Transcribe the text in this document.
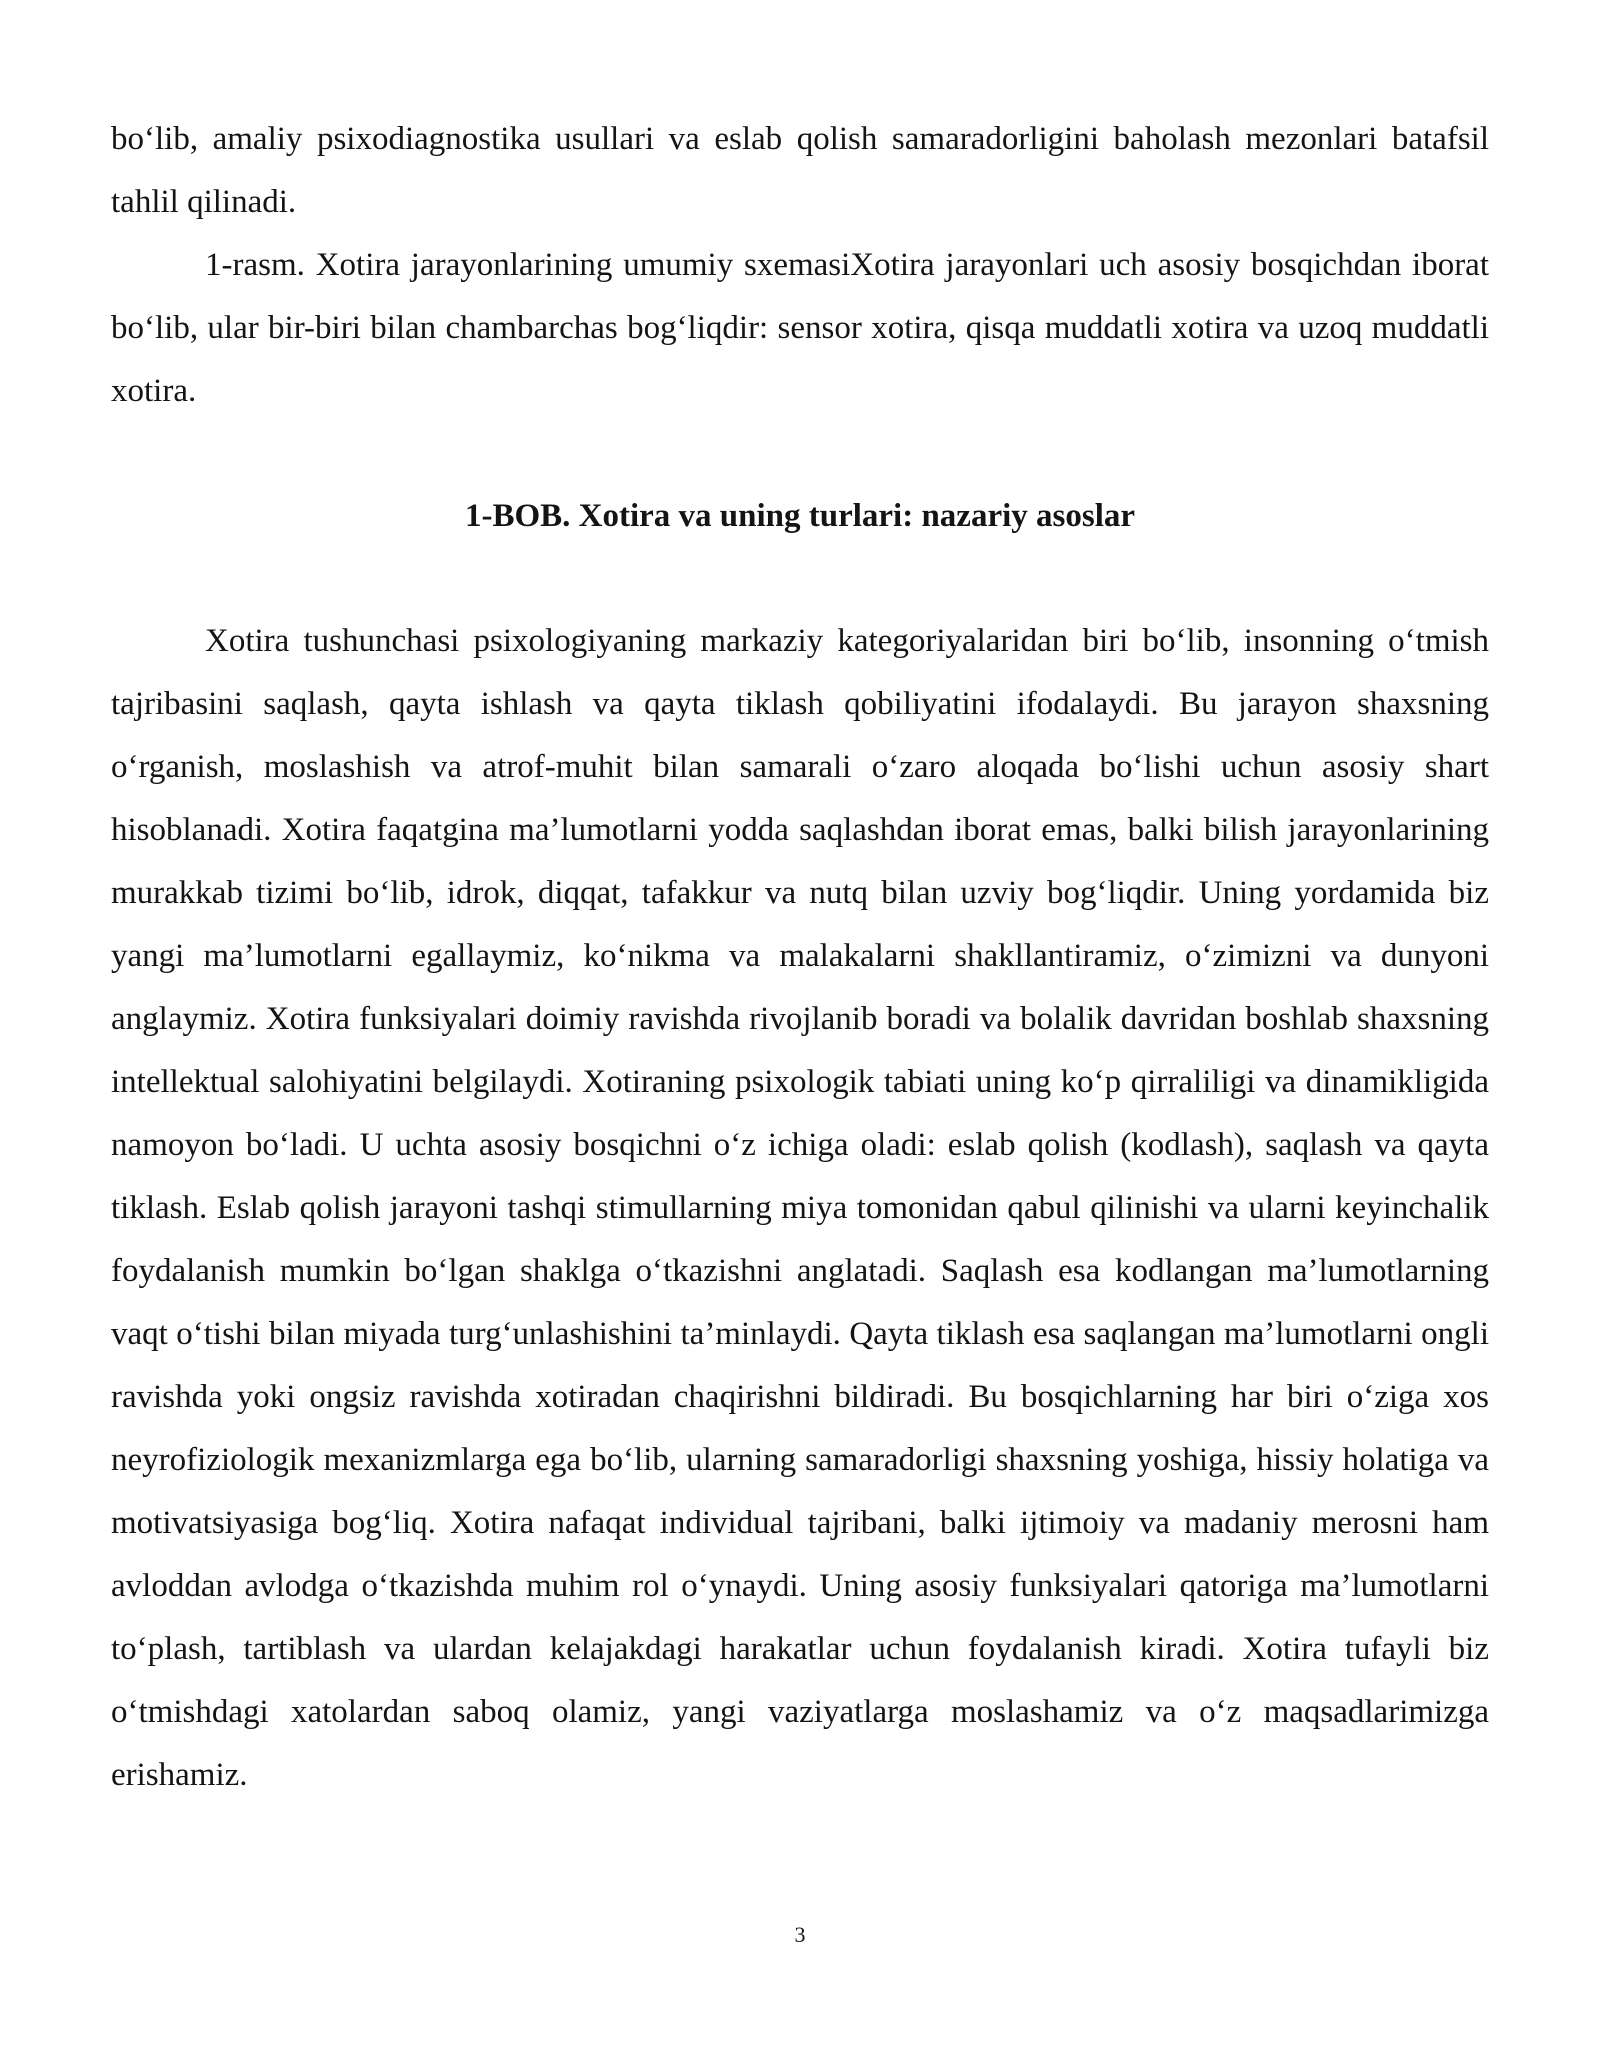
bo‘lib, amaliy psixodiagnostika usullari va eslab qolish samaradorligini baholash mezonlari batafsil tahlil qilinadi.

1-rasm. Xotira jarayonlarining umumiy sxemasiXotira jarayonlari uch asosiy bosqichdan iborat bo‘lib, ular bir-biri bilan chambarchas bog‘liqdir: sensor xotira, qisqa muddatli xotira va uzoq muddatli xotira.

1-BOB. Xotira va uning turlari: nazariy asoslar

Xotira tushunchasi psixologiyaning markaziy kategoriyalaridan biri bo‘lib, insonning o‘tmish tajribasini saqlash, qayta ishlash va qayta tiklash qobiliyatini ifodalaydi. Bu jarayon shaxsning o‘rganish, moslashish va atrof-muhit bilan samarali o‘zaro aloqada bo‘lishi uchun asosiy shart hisoblanadi. Xotira faqatgina ma’lumotlarni yodda saqlashdan iborat emas, balki bilish jarayonlarining murakkab tizimi bo‘lib, idrok, diqqat, tafakkur va nutq bilan uzviy bog‘liqdir. Uning yordamida biz yangi ma’lumotlarni egallaymiz, ko‘nikma va malakalarni shakllantiramiz, o‘zimizni va dunyoni anglaymiz. Xotira funksiyalari doimiy ravishda rivojlanib boradi va bolalik davridan boshlab shaxsning intellektual salohiyatini belgilaydi. Xotiraning psixologik tabiati uning ko‘p qirraliligi va dinamikligida namoyon bo‘ladi. U uchta asosiy bosqichni o‘z ichiga oladi: eslab qolish (kodlash), saqlash va qayta tiklash. Eslab qolish jarayoni tashqi stimullarning miya tomonidan qabul qilinishi va ularni keyinchalik foydalanish mumkin bo‘lgan shaklga o‘tkazishni anglatadi. Saqlash esa kodlangan ma’lumotlarning vaqt o‘tishi bilan miyada turg‘unlashishini ta’minlaydi. Qayta tiklash esa saqlangan ma’lumotlarni ongli ravishda yoki ongsiz ravishda xotiradan chaqirishni bildiradi. Bu bosqichlarning har biri o‘ziga xos neyrofiziologik mexanizmlarga ega bo‘lib, ularning samaradorligi shaxsning yoshiga, hissiy holatiga va motivatsiyasiga bog‘liq. Xotira nafaqat individual tajribani, balki ijtimoiy va madaniy merosni ham avloddan avlodga o‘tkazishda muhim rol o‘ynaydi. Uning asosiy funksiyalari qatoriga ma’lumotlarni to‘plash, tartiblash va ulardan kelajakdagi harakatlar uchun foydalanish kiradi. Xotira tufayli biz o‘tmishdagi xatolardan saboq olamiz, yangi vaziyatlarga moslashamiz va o‘z maqsadlarimizga erishamiz.

3
